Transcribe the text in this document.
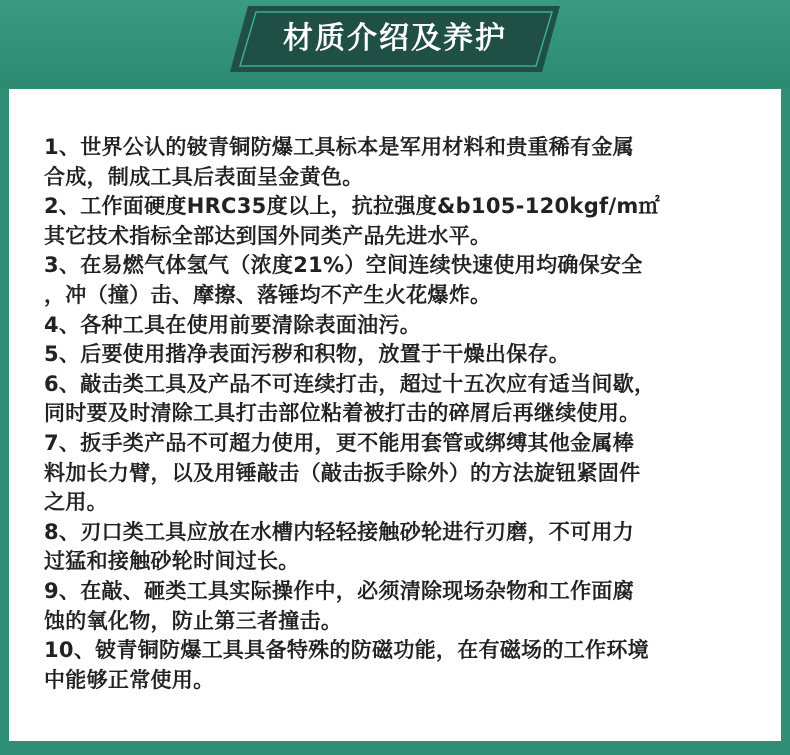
材质介绍及养护
1、世界公认的铍青铜防爆工具标本是军用材料和贵重稀有金属
合成，制成工具后表面呈金黄色。
2、工作面硬度HRC35度以上，抗拉强度&b105-120kgf/m㎡
其它技术指标全部达到国外同类产品先进水平。
3、在易燃气体氢气（浓度21%）空间连续快速使用均确保安全
，冲（撞）击、摩擦、落锤均不产生火花爆炸。
4、各种工具在使用前要清除表面油污。
5、后要使用揩净表面污秽和积物，放置于干燥出保存。
6、敲击类工具及产品不可连续打击，超过十五次应有适当间歇，
同时要及时清除工具打击部位粘着被打击的碎屑后再继续使用。
7、扳手类产品不可超力使用，更不能用套管或绑缚其他金属棒
料加长力臂，以及用锤敲击（敲击扳手除外）的方法旋钮紧固件
之用。
8、刃口类工具应放在水槽内轻轻接触砂轮进行刃磨，不可用力
过猛和接触砂轮时间过长。
9、在敲、砸类工具实际操作中，必须清除现场杂物和工作面腐
蚀的氧化物，防止第三者撞击。
10、铍青铜防爆工具具备特殊的防磁功能，在有磁场的工作环境
中能够正常使用。
